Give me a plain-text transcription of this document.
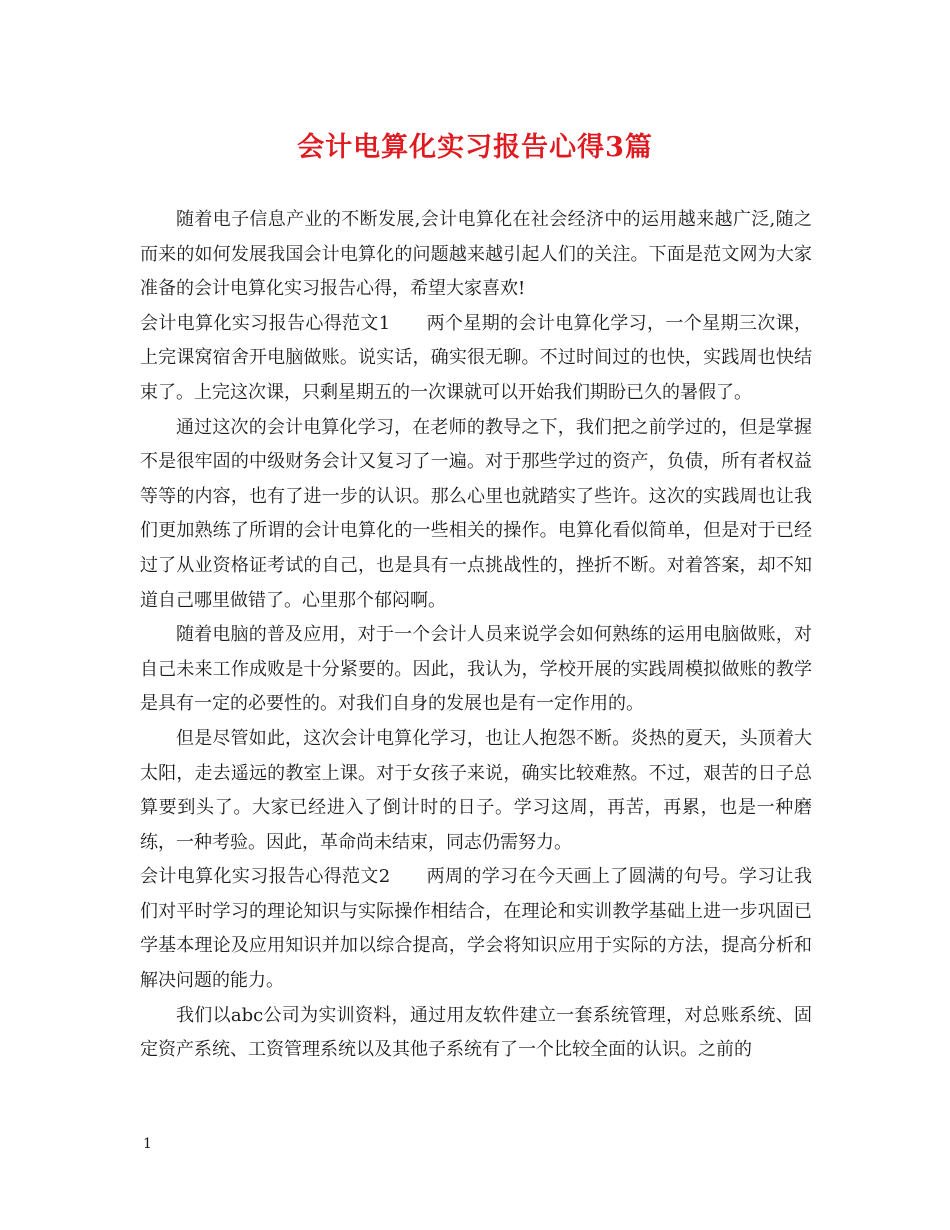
会计电算化实习报告心得3篇

随着电子信息产业的不断发展,会计电算化在社会经济中的运用越来越广泛,随之而来的如何发展我国会计电算化的问题越来越引起人们的关注。下面是范文网为大家准备的会计电算化实习报告心得，希望大家喜欢!

会计电算化实习报告心得范文1 两个星期的会计电算化学习，一个星期三次课，上完课窝宿舍开电脑做账。说实话，确实很无聊。不过时间过的也快，实践周也快结束了。上完这次课，只剩星期五的一次课就可以开始我们期盼已久的暑假了。

通过这次的会计电算化学习，在老师的教导之下，我们把之前学过的，但是掌握不是很牢固的中级财务会计又复习了一遍。对于那些学过的资产，负债，所有者权益等等的内容，也有了进一步的认识。那么心里也就踏实了些许。这次的实践周也让我们更加熟练了所谓的会计电算化的一些相关的操作。电算化看似简单，但是对于已经过了从业资格证考试的自己，也是具有一点挑战性的，挫折不断。对着答案，却不知道自己哪里做错了。心里那个郁闷啊。

随着电脑的普及应用，对于一个会计人员来说学会如何熟练的运用电脑做账，对自己未来工作成败是十分紧要的。因此，我认为，学校开展的实践周模拟做账的教学是具有一定的必要性的。对我们自身的发展也是有一定作用的。

但是尽管如此，这次会计电算化学习，也让人抱怨不断。炎热的夏天，头顶着大太阳，走去遥远的教室上课。对于女孩子来说，确实比较难熬。不过，艰苦的日子总算要到头了。大家已经进入了倒计时的日子。学习这周，再苦，再累，也是一种磨练，一种考验。因此，革命尚未结束，同志仍需努力。

会计电算化实习报告心得范文2 两周的学习在今天画上了圆满的句号。学习让我们对平时学习的理论知识与实际操作相结合，在理论和实训教学基础上进一步巩固已学基本理论及应用知识并加以综合提高，学会将知识应用于实际的方法，提高分析和解决问题的能力。

我们以abc公司为实训资料，通过用友软件建立一套系统管理，对总账系统、固定资产系统、工资管理系统以及其他子系统有了一个比较全面的认识。之前的

1
